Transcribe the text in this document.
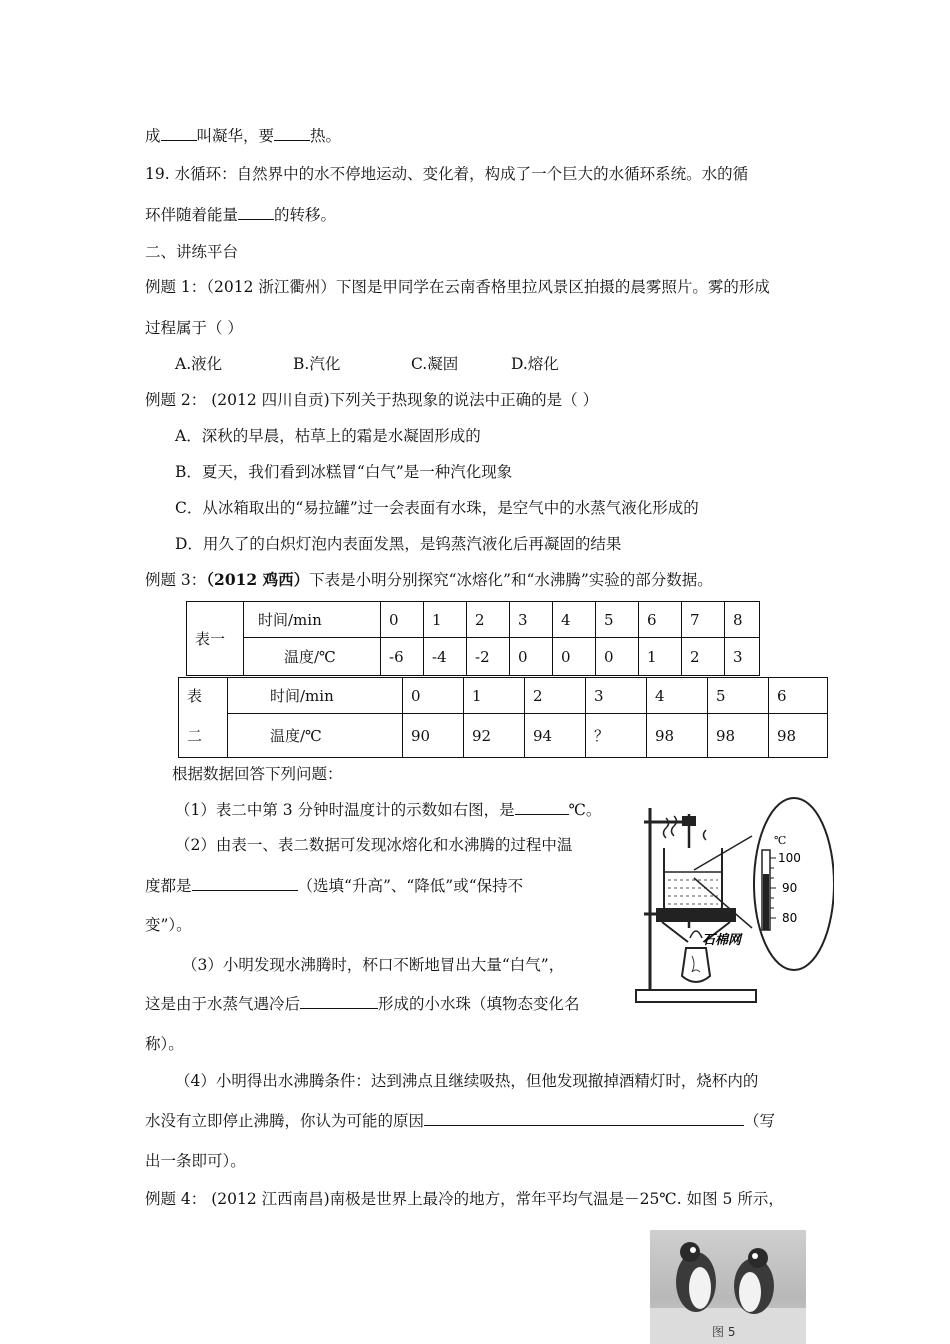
成 叫凝华，要 热。
19. 水循环：自然界中的水不停地运动、变化着，构成了一个巨大的水循环系统。水的循
环伴随着能量 的转移。
二、讲练平台
例题 1：（2012 浙江衢州）下图是甲同学在云南香格里拉风景区拍摄的晨雾照片。雾的形成
过程属于（ ）
A.液化	B.汽化	C.凝固	D.熔化
例题 2： (2012 四川自贡)下列关于热现象的说法中正确的是（ ）
A．深秋的早晨，枯草上的霜是水凝固形成的
B．夏天，我们看到冰糕冒“白气”是一种汽化现象
C．从冰箱取出的“易拉罐”过一会表面有水珠，是空气中的水蒸气液化形成的
D．用久了的白炽灯泡内表面发黑，是钨蒸汽液化后再凝固的结果
例题 3：（2012 鸡西）下表是小明分别探究“冰熔化”和“水沸腾”实验的部分数据。
表一	时间/min	0	1	2	3	4	5	6	7	8
	温度/℃	-6	-4	-2	0	0	0	1	2	3
表	时间/min	0	1	2	3	4	5	6
二	温度/℃	90	92	94	？	98	98	98
根据数据回答下列问题：
（1）表二中第 3 分钟时温度计的示数如右图，是	℃。
（2）由表一、表二数据可发现冰熔化和水沸腾的过程中温
度都是	（选填“升高”、“降低”或“保持不
变”）。
（3）小明发现水沸腾时，杯口不断地冒出大量“白气”，
这是由于水蒸气遇冷后	形成的小水珠（填物态变化名
称）。
（4）小明得出水沸腾条件：达到沸点且继续吸热，但他发现撤掉酒精灯时，烧杯内的
水没有立即停止沸腾，你认为可能的原因	（写
出一条即可）。
例题 4： (2012 江西南昌)南极是世界上最冷的地方，常年平均气温是－25℃. 如图 5 所示，
℃
100
90
80
石棉网
图 5
